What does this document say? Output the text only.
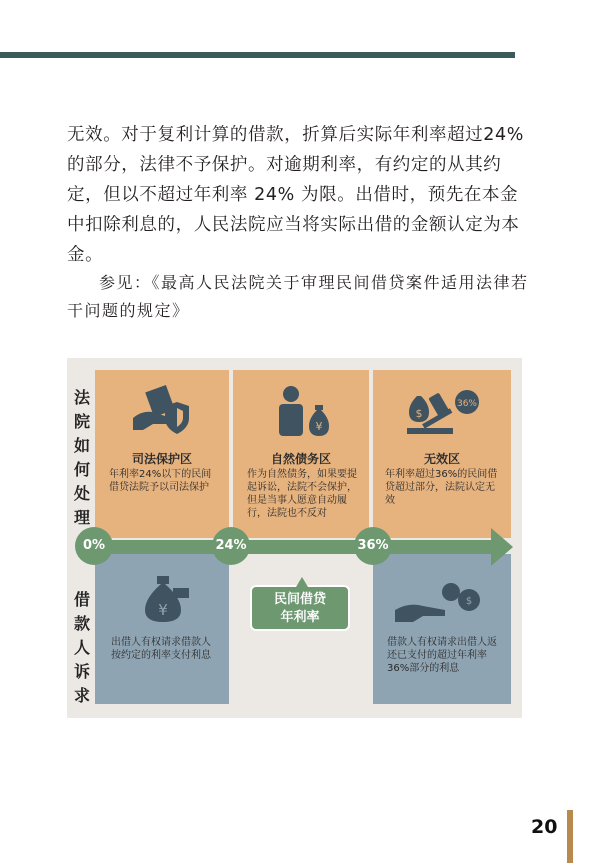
无效。对于复利计算的借款，折算后实际年利率超过24% 的部分，法律不予保护。对逾期利率，有约定的从其约定，但以不超过年利率 24% 为限。出借时，预先在本金中扣除利息的，人民法院应当将实际出借的金额认定为本金。

参见：《最高人民法院关于审理民间借贷案件适用法律若干问题的规定》

法院如何处理
借款人诉求
司法保护区

年利率24%以下的民间借贷法院予以司法保护

¥
自然债务区

作为自然债务，如果要提起诉讼，法院不会保护，但是当事人愿意自动履行，法院也不反对

$
36%
无效区

年利率超过36%的民间借贷超过部分，法院认定无效

¥

出借人有权请求借款人按约定的利率支付利息

$

借款人有权请求出借人返还已支付的超过年利率36%部分的利息

0%	24%	36%
民间借贷
年利率
20
